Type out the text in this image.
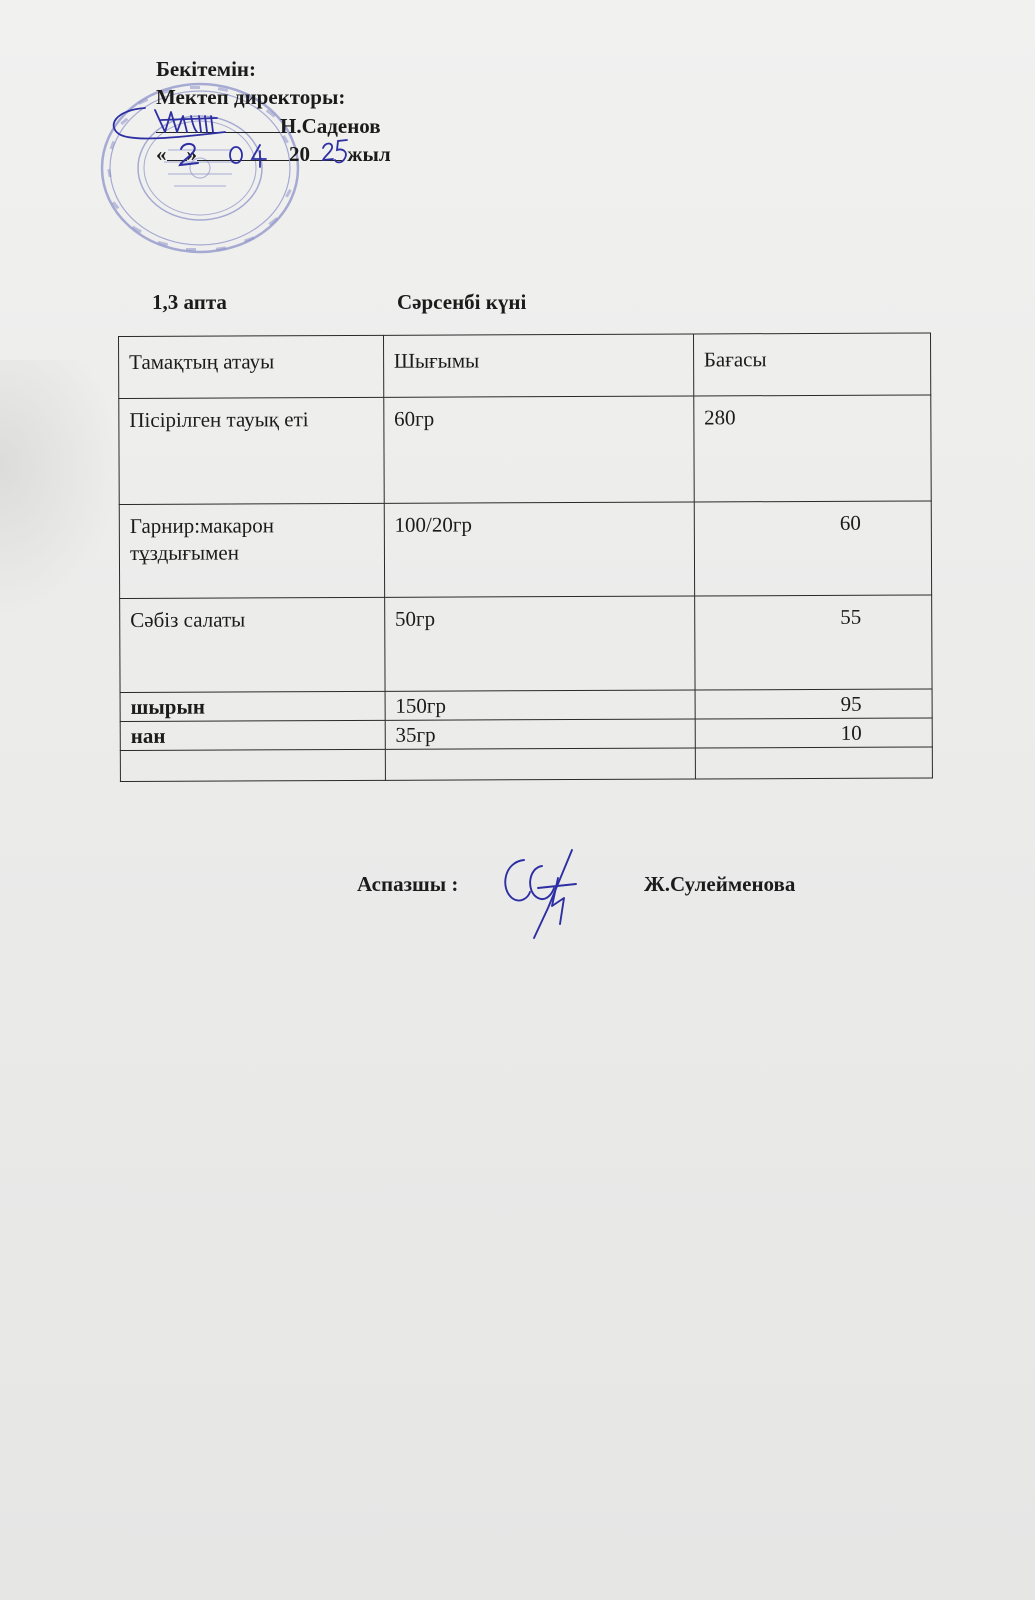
Бекітемін:
Мектеп директоры:
Н.Саденов
« »	20 жыл
1,3 апта	Сәрсенбі күні
Тамақтың атауы	Шығымы	Бағасы
Пісірілген тауық еті	60гр	280
Гарнир:макарон тұздығымен	100/20гр	60
Сәбіз салаты	50гр	55
шырын	150гр	95
нан	35гр	10

Аспазшы :	Ж.Сулейменова
